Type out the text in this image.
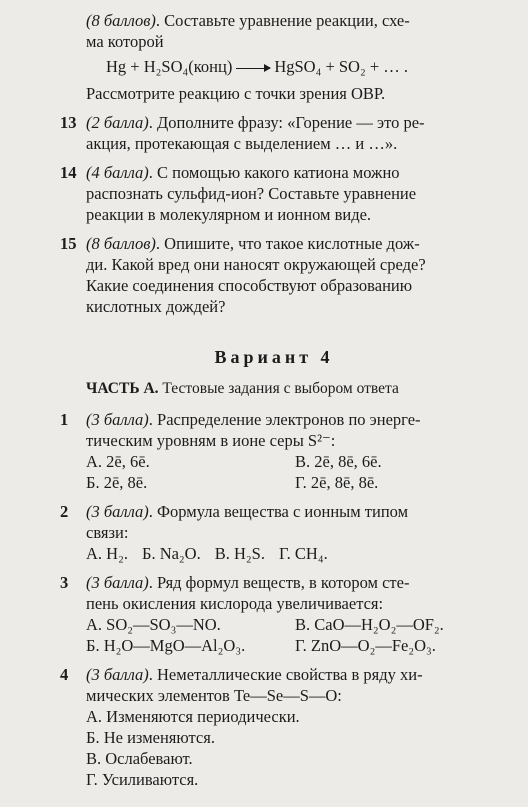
(8 баллов). Составьте уравнение реакции, схе-
ма которой
Hg + H₂SO₄(конц) → HgSO₄ + SO₂ + … .
Рассмотрите реакцию с точки зрения ОВР.
13 (2 балла). Дополните фразу: «Горение — это ре-
акция, протекающая с выделением … и …».
14 (4 балла). С помощью какого катиона можно
распознать сульфид-ион? Составьте уравнение
реакции в молекулярном и ионном виде.
15 (8 баллов). Опишите, что такое кислотные дож-
ди. Какой вред они наносят окружающей среде?
Какие соединения способствуют образованию
кислотных дождей?
Вариант 4
ЧАСТЬ А. Тестовые задания с выбором ответа
1 (3 балла). Распределение электронов по энерге-
тическим уровням в ионе серы S²⁻:
А. 2ē, 6ē.	В. 2ē, 8ē, 6ē.
Б. 2ē, 8ē.	Г. 2ē, 8ē, 8ē.
2 (3 балла). Формула вещества с ионным типом
связи:
А. H₂. Б. Na₂O. В. H₂S. Г. CH₄.
3 (3 балла). Ряд формул веществ, в котором сте-
пень окисления кислорода увеличивается:
А. SO₂—SO₃—NO.	В. CaO—H₂O₂—OF₂.
Б. H₂O—MgO—Al₂O₃.	Г. ZnO—O₂—Fe₂O₃.
4 (3 балла). Неметаллические свойства в ряду хи-
мических элементов Te—Se—S—O:
А. Изменяются периодически.
Б. Не изменяются.
В. Ослабевают.
Г. Усиливаются.
